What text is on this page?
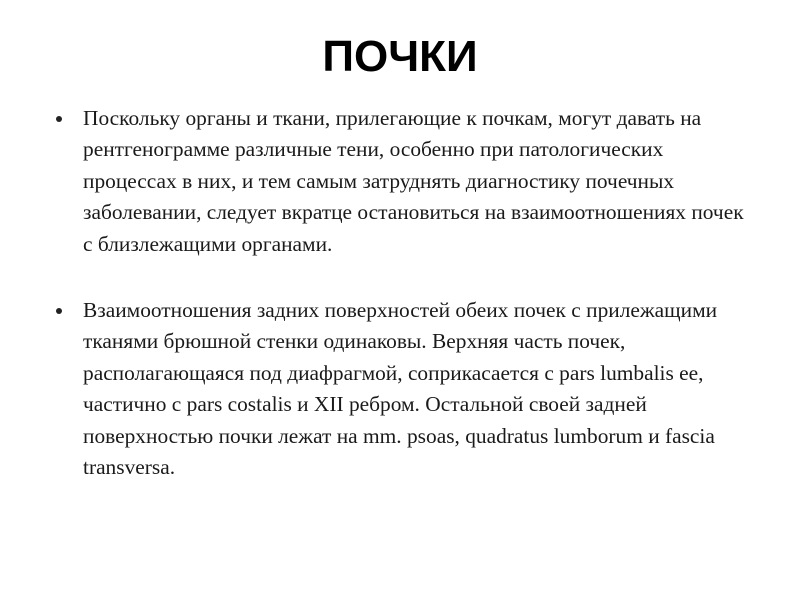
ПОЧКИ
Поскольку органы и ткани, прилегающие к почкам, могут давать на рентгенограмме различные тени, особенно при патологических процессах в них, и тем самым затруднять диагностику почечных заболевании, следует вкратце остановиться на взаимоотношениях почек с близлежащими органами.
Взаимоотношения задних поверхностей обеих почек с прилежащими тканями брюшной стенки одинаковы. Верхняя часть почек, располагающаяся под диафрагмой, соприкасается с pars lumbalis ее, частично с pars costalis и XII ребром. Остальной своей задней поверхностью почки лежат на mm. psoas, quadratus lumborum и fascia transversa.
